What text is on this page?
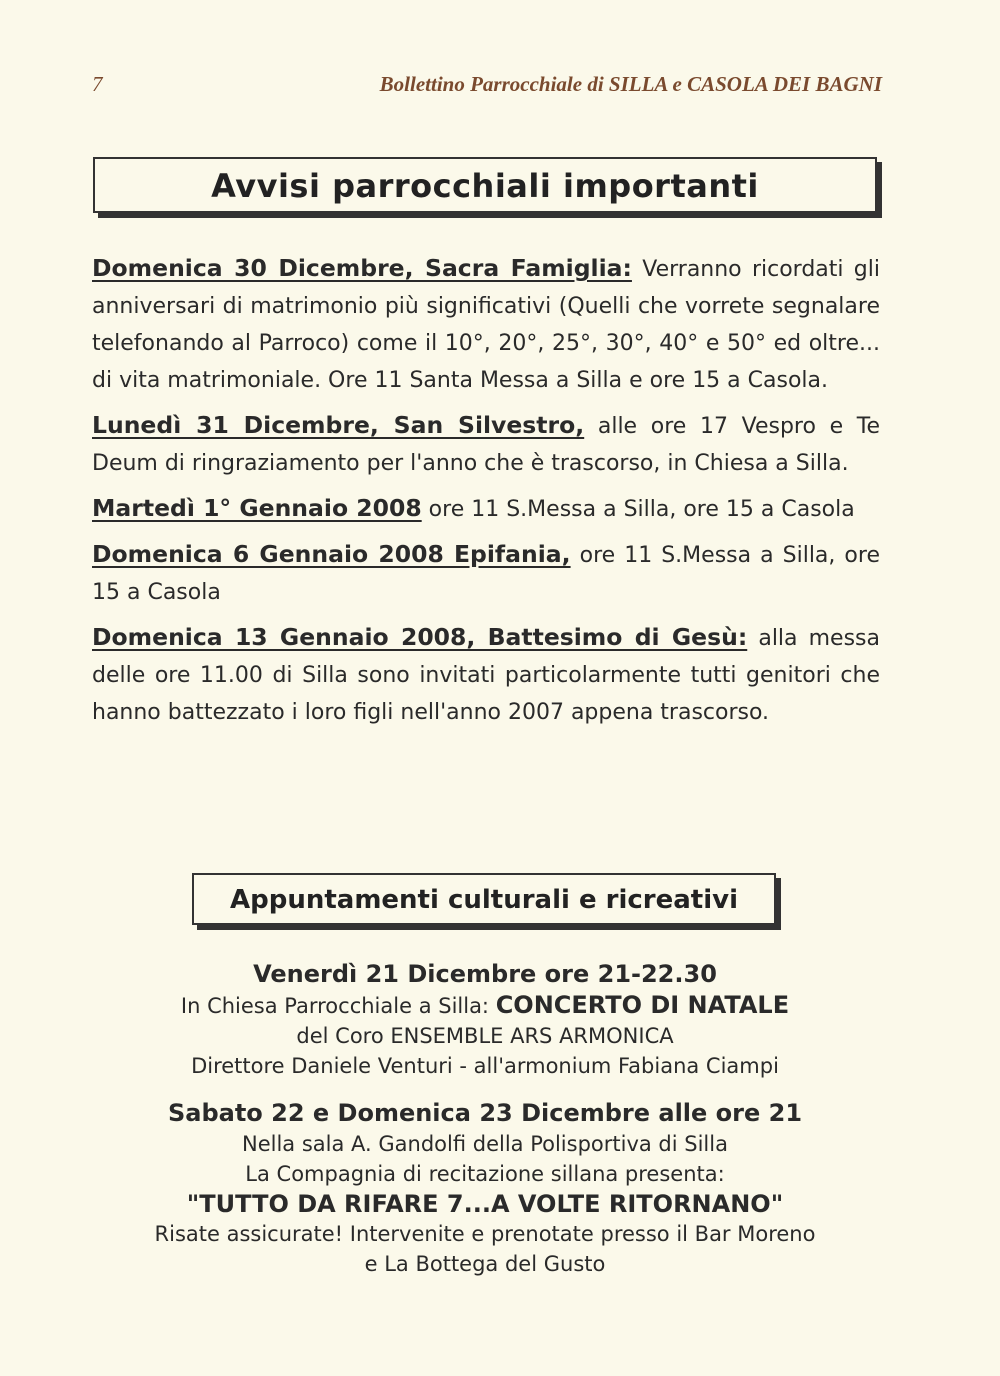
7	Bollettino Parrocchiale di SILLA e CASOLA DEI BAGNI
Avvisi parrocchiali importanti

Domenica 30 Dicembre, Sacra Famiglia: Verranno ricordati gli anniversari di matrimonio più significativi (Quelli che vorrete segnalare telefonando al Parroco) come il 10°, 20°, 25°, 30°, 40° e 50° ed oltre... di vita matrimoniale. Ore 11 Santa Messa a Silla e ore 15 a Casola.

Lunedì 31 Dicembre, San Silvestro, alle ore 17 Vespro e Te Deum di ringraziamento per l'anno che è trascorso, in Chiesa a Silla.

Martedì 1° Gennaio 2008 ore 11 S.Messa a Silla, ore 15 a Casola

Domenica 6 Gennaio 2008 Epifania, ore 11 S.Messa a Silla, ore 15 a Casola

Domenica 13 Gennaio 2008, Battesimo di Gesù: alla messa delle ore 11.00 di Silla sono invitati particolarmente tutti genitori che hanno battezzato i loro figli nell'anno 2007 appena trascorso.

Appuntamenti culturali e ricreativi
Venerdì 21 Dicembre ore 21-22.30
In Chiesa Parrocchiale a Silla: CONCERTO DI NATALE
del Coro ENSEMBLE ARS ARMONICA
Direttore Daniele Venturi - all'armonium Fabiana Ciampi
Sabato 22 e Domenica 23 Dicembre alle ore 21
Nella sala A. Gandolfi della Polisportiva di Silla
La Compagnia di recitazione sillana presenta:
"TUTTO DA RIFARE 7...A VOLTE RITORNANO"
Risate assicurate! Intervenite e prenotate presso il Bar Moreno
e La Bottega del Gusto
